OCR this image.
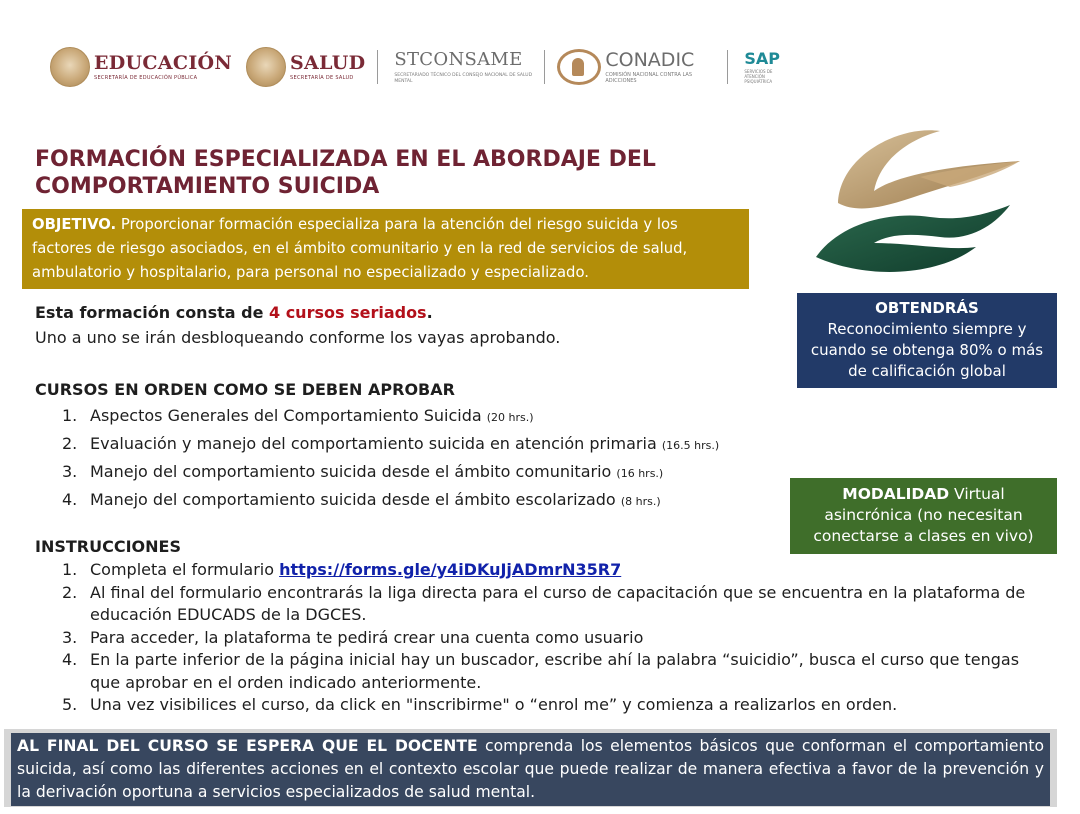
EDUCACIÓN
SECRETARÍA DE EDUCACIÓN PÚBLICA
SALUD
SECRETARÍA DE SALUD
STCONSAME
SECRETARIADO TÉCNICO DEL CONSEJO NACIONAL DE SALUD MENTAL
CONADIC
COMISIÓN NACIONAL CONTRA LAS ADICCIONES
SAP
SERVICIOS DE ATENCIÓN PSIQUIÁTRICA
FORMACIÓN ESPECIALIZADA EN EL ABORDAJE DEL COMPORTAMIENTO SUICIDA
OBJETIVO. Proporcionar formación especializa para la atención del riesgo suicida y los factores de riesgo asociados, en el ámbito comunitario y en la red de servicios de salud, ambulatorio y hospitalario, para personal no especializado y especializado.
Esta formación consta de 4 cursos seriados.
Uno a uno se irán desbloqueando conforme los vayas aprobando.
OBTENDRÁS
Reconocimiento siempre y cuando se obtenga 80% o más de calificación global
CURSOS EN ORDEN COMO SE DEBEN APROBAR
1. Aspectos Generales del Comportamiento Suicida (20 hrs.)
2. Evaluación y manejo del comportamiento suicida en atención primaria (16.5 hrs.)
3. Manejo del comportamiento suicida desde el ámbito comunitario (16 hrs.)
4. Manejo del comportamiento suicida desde el ámbito escolarizado (8 hrs.)	MODALIDAD Virtual asincrónica (no necesitan conectarse a clases en vivo)
INSTRUCCIONES
1. Completa el formulario https://forms.gle/y4iDKuJjADmrN35R7
2. Al final del formulario encontrarás la liga directa para el curso de capacitación que se encuentra en la plataforma de educación EDUCADS de la DGCES.
3. Para acceder, la plataforma te pedirá crear una cuenta como usuario
4. En la parte inferior de la página inicial hay un buscador, escribe ahí la palabra “suicidio”, busca el curso que tengas que aprobar en el orden indicado anteriormente.
5. Una vez visibilices el curso, da click en "inscribirme" o “enrol me” y comienza a realizarlos en orden.
AL FINAL DEL CURSO SE ESPERA QUE EL DOCENTE comprenda los elementos básicos que conforman el comportamiento suicida, así como las diferentes acciones en el contexto escolar que puede realizar de manera efectiva a favor de la prevención y la derivación oportuna a servicios especializados de salud mental.
